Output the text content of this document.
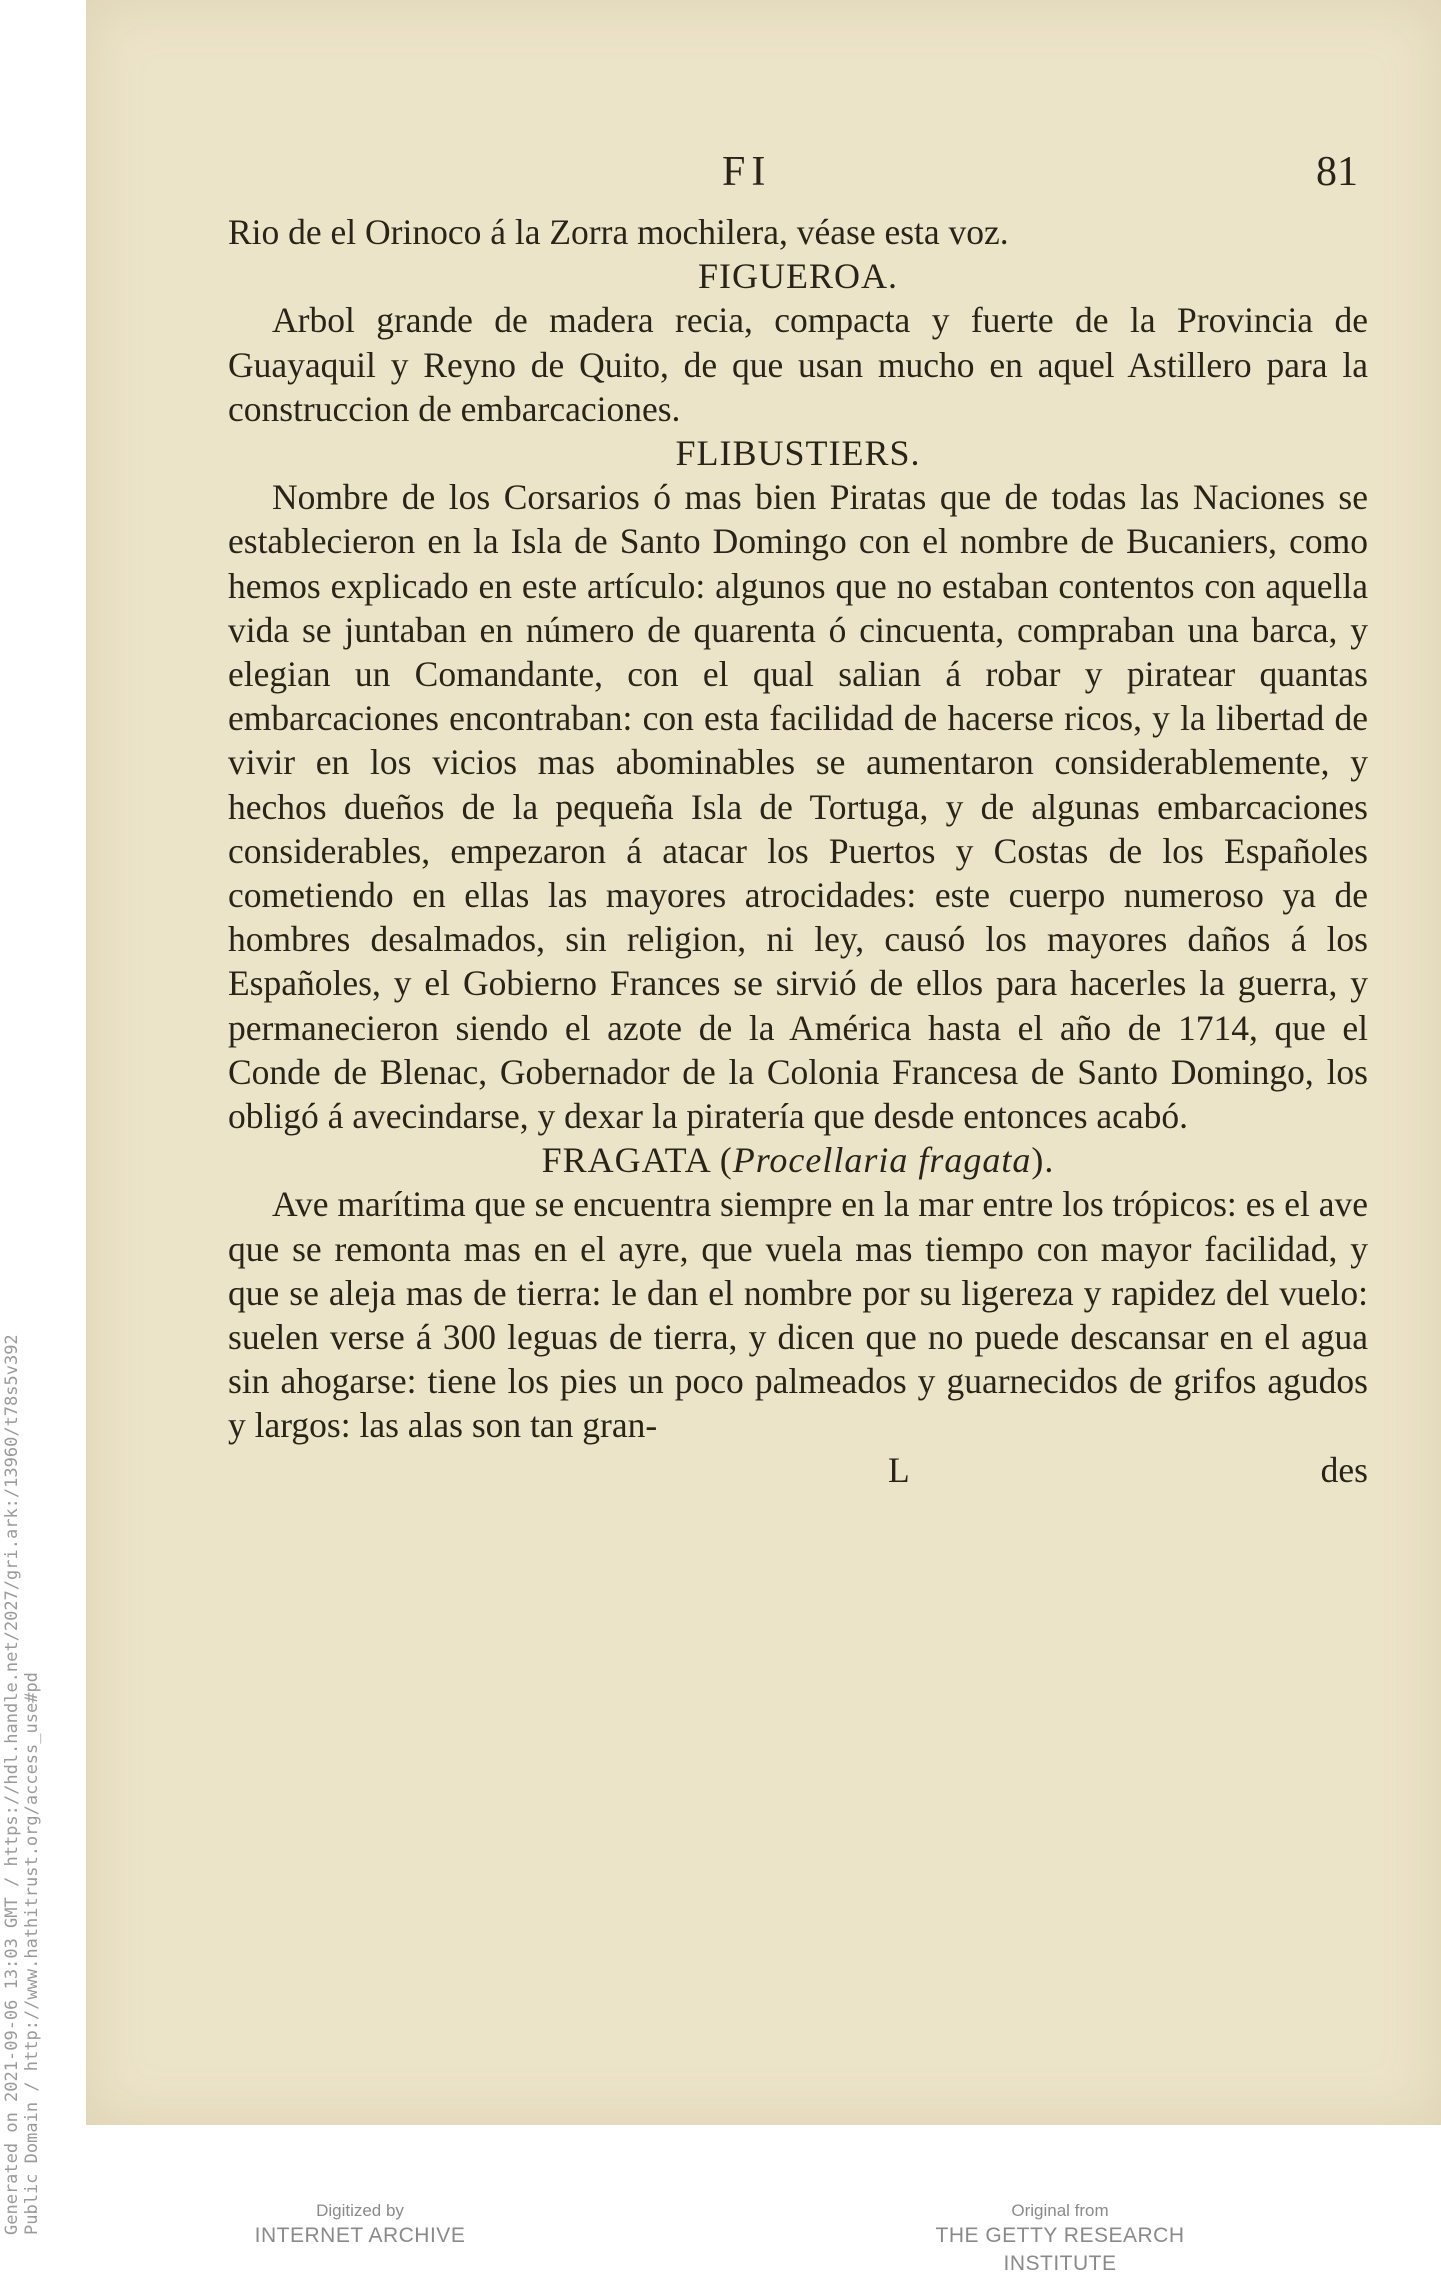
Generated on 2021-09-06 13:03 GMT / https://hdl.handle.net/2027/gri.ark:/13960/t78s5v392 Public Domain / http://www.hathitrust.org/access_use#pd
FI	81

Rio de el Orinoco á la Zorra mochilera, véase esta voz.

FIGUEROA.

Arbol grande de madera recia, compacta y fuerte de la Provincia de Guayaquil y Reyno de Quito, de que usan mucho en aquel Astillero para la construccion de embarcaciones.

FLIBUSTIERS.

Nombre de los Corsarios ó mas bien Piratas que de todas las Naciones se establecieron en la Isla de Santo Domingo con el nombre de Bucaniers, como hemos explicado en este artículo: algunos que no estaban contentos con aquella vida se juntaban en número de quarenta ó cincuenta, compraban una barca, y elegian un Comandante, con el qual salian á robar y piratear quantas embarcaciones encontraban: con esta facilidad de hacerse ricos, y la libertad de vivir en los vicios mas abominables se aumentaron considerablemente, y hechos dueños de la pequeña Isla de Tortuga, y de algunas embarcaciones considerables, empezaron á atacar los Puertos y Costas de los Españoles cometiendo en ellas las mayores atrocidades: este cuerpo numeroso ya de hombres desalmados, sin religion, ni ley, causó los mayores daños á los Españoles, y el Gobierno Frances se sirvió de ellos para hacerles la guerra, y permanecieron siendo el azote de la América hasta el año de 1714, que el Conde de Blenac, Gobernador de la Colonia Francesa de Santo Domingo, los obligó á avecindarse, y dexar la piratería que desde entonces acabó.

FRAGATA (Procellaria fragata).

Ave marítima que se encuentra siempre en la mar entre los trópicos: es el ave que se remonta mas en el ayre, que vuela mas tiempo con mayor facilidad, y que se aleja mas de tierra: le dan el nombre por su ligereza y rapidez del vuelo: suelen verse á 300 leguas de tierra, y dicen que no puede descansar en el agua sin ahogarse: tiene los pies un poco palmeados y guarnecidos de grifos agudos y largos: las alas son tan gran-

L	des
Digitized by
INTERNET ARCHIVE
Original from
THE GETTY RESEARCH INSTITUTE
